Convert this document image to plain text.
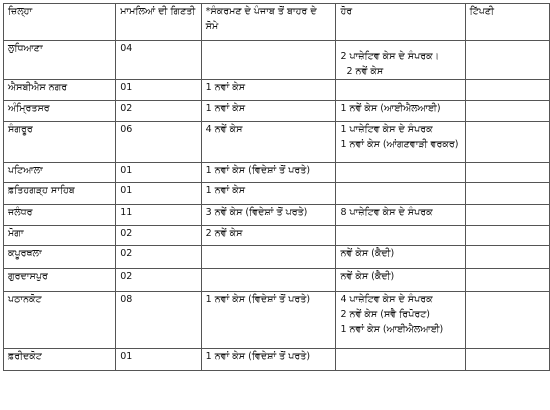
ਜ਼ਿਲ੍ਹਾ	ਮਾਮਲਿਆਂ ਦੀ ਗਿਣਤੀ	*ਸੰਕਰਮਣ ਦੇ ਪੰਜਾਬ ਤੋਂ ਬਾਹਰ ਦੇ ਸੋਮੇ	ਹੋਰ	ਟਿੱਪਣੀ
ਲੁਧਿਆਣਾ	04		2 ਪਾਜ਼ੇਟਿਵ ਕੇਸ ਦੇ ਸੰਪਰਕ।
2 ਨਵੇਂ ਕੇਸ	

ਐਸਬੀਐਸ ਨਗਰ	01	1 ਨਵਾਂ ਕੇਸ		

ਅੰਮ੍ਰਿਤਸਰ	02	1 ਨਵਾਂ ਕੇਸ	1 ਨਵੇਂ ਕੇਸ (ਆਈਐਲਆਈ)	

ਸੰਗਰੂਰ	06	4 ਨਵੇਂ ਕੇਸ	1 ਪਾਜ਼ੇਟਿਵ ਕੇਸ ਦੇ ਸੰਪਰਕ
1 ਨਵਾਂ ਕੇਸ (ਆਂਗਣਵਾੜੀ ਵਰਕਰ)	

ਪਟਿਆਲਾ	01	1 ਨਵਾਂ ਕੇਸ (ਵਿਦੇਸ਼ਾਂ ਤੋਂ ਪਰਤੇ)		

ਫ਼ਤਿਹਗੜ੍ਹ ਸਾਹਿਬ	01	1 ਨਵਾਂ ਕੇਸ		

ਜਲੰਧਰ	11	3 ਨਵੇਂ ਕੇਸ (ਵਿਦੇਸ਼ਾਂ ਤੋਂ ਪਰਤੇ)	8 ਪਾਜ਼ੇਟਿਵ ਕੇਸ ਦੇ ਸੰਪਰਕ	

ਮੋਗਾ	02	2 ਨਵੇਂ ਕੇਸ		

ਕਪੂਰਥਲਾ	02		ਨਵੇਂ ਕੇਸ (ਕੈਦੀ)	

ਗੁਰਦਾਸਪੁਰ	02		ਨਵੇਂ ਕੇਸ (ਕੈਦੀ)	

ਪਠਾਨਕੋਟ	08	1 ਨਵਾਂ ਕੇਸ (ਵਿਦੇਸ਼ਾਂ ਤੋਂ ਪਰਤੇ)	4 ਪਾਜ਼ੇਟਿਵ ਕੇਸ ਦੇ ਸੰਪਰਕ
2 ਨਵੇਂ ਕੇਸ (ਸਵੈ ਰਿਪੋਰਟ)
1 ਨਵਾਂ ਕੇਸ (ਆਈਐਲਆਈ)	

ਫ਼ਰੀਦਕੋਟ	01	1 ਨਵਾਂ ਕੇਸ (ਵਿਦੇਸ਼ਾਂ ਤੋਂ ਪਰਤੇ)		
